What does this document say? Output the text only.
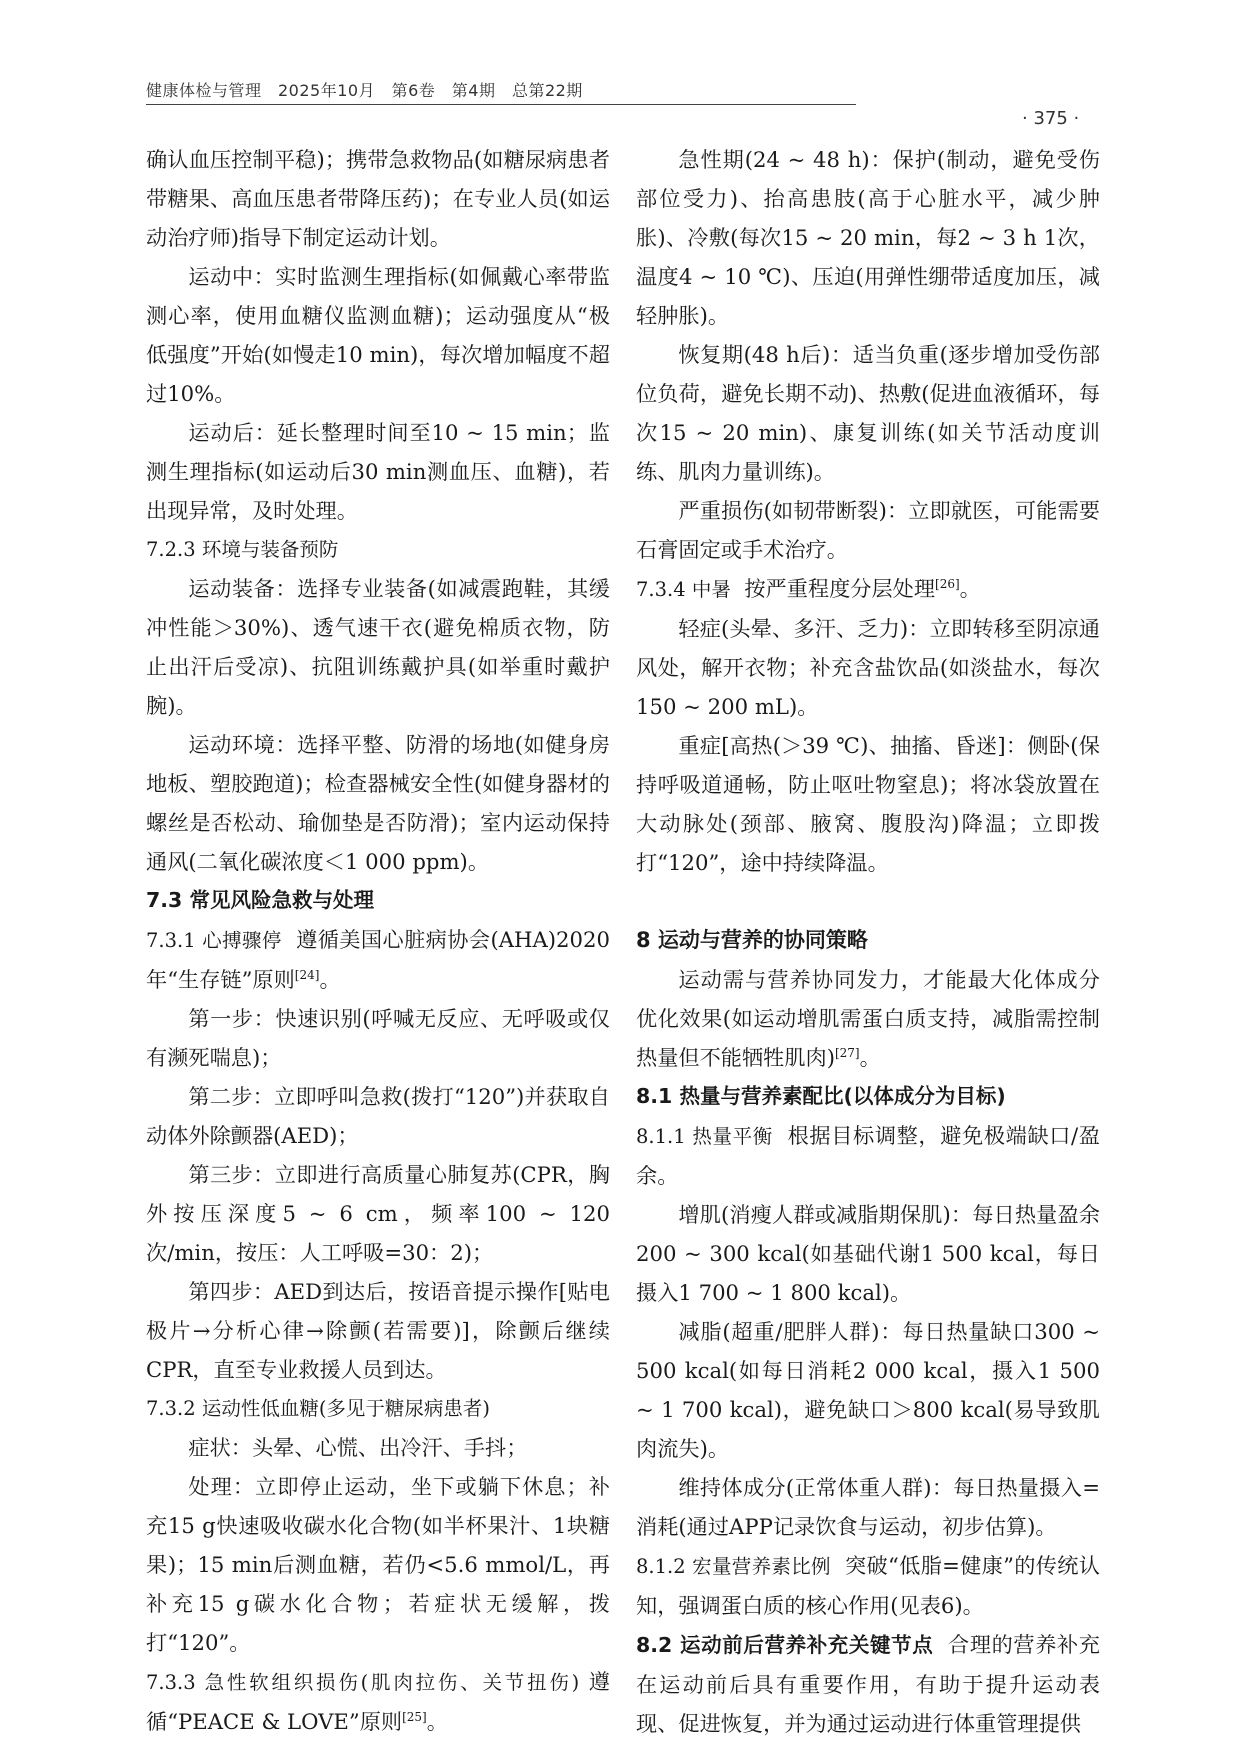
健康体检与管理　2025年10月　第6卷　第4期　总第22期
· 375 ·

确认血压控制平稳)；携带急救物品(如糖尿病患者带糖果、高血压患者带降压药)；在专业人员(如运动治疗师)指导下制定运动计划。

运动中：实时监测生理指标(如佩戴心率带监测心率，使用血糖仪监测血糖)；运动强度从“极低强度”开始(如慢走10 min)，每次增加幅度不超过10%。

运动后：延长整理时间至10 ~ 15 min；监测生理指标(如运动后30 min测血压、血糖)，若出现异常，及时处理。

7.2.3 环境与装备预防

运动装备：选择专业装备(如减震跑鞋，其缓冲性能＞30%)、透气速干衣(避免棉质衣物，防止出汗后受凉)、抗阻训练戴护具(如举重时戴护腕)。

运动环境：选择平整、防滑的场地(如健身房地板、塑胶跑道)；检查器械安全性(如健身器材的螺丝是否松动、瑜伽垫是否防滑)；室内运动保持通风(二氧化碳浓度＜1 000 ppm)。

7.3 常见风险急救与处理

7.3.1 心搏骤停 遵循美国心脏病协会(AHA)2020年“生存链”原则[24]。

第一步：快速识别(呼喊无反应、无呼吸或仅有濒死喘息)；

第二步：立即呼叫急救(拨打“120”)并获取自动体外除颤器(AED)；

第三步：立即进行高质量心肺复苏(CPR，胸外按压深度5 ~ 6 cm，频率100 ~ 120次/min，按压：人工呼吸=30：2)；

第四步：AED到达后，按语音提示操作[贴电极片→分析心律→除颤(若需要)]，除颤后继续CPR，直至专业救援人员到达。

7.3.2 运动性低血糖(多见于糖尿病患者)

症状：头晕、心慌、出冷汗、手抖；

处理：立即停止运动，坐下或躺下休息；补充15 g快速吸收碳水化合物(如半杯果汁、1块糖果)；15 min后测血糖，若仍<5.6 mmol/L，再补充15 g碳水化合物；若症状无缓解，拨打“120”。

7.3.3 急性软组织损伤(肌肉拉伤、关节扭伤) 遵循“PEACE & LOVE”原则[25]。

急性期(24 ~ 48 h)：保护(制动，避免受伤部位受力)、抬高患肢(高于心脏水平，减少肿胀)、冷敷(每次15 ~ 20 min，每2 ~ 3 h 1次，温度4 ~ 10 ℃)、压迫(用弹性绷带适度加压，减轻肿胀)。

恢复期(48 h后)：适当负重(逐步增加受伤部位负荷，避免长期不动)、热敷(促进血液循环，每次15 ~ 20 min)、康复训练(如关节活动度训练、肌肉力量训练)。

严重损伤(如韧带断裂)：立即就医，可能需要石膏固定或手术治疗。

7.3.4 中暑 按严重程度分层处理[26]。

轻症(头晕、多汗、乏力)：立即转移至阴凉通风处，解开衣物；补充含盐饮品(如淡盐水，每次150 ~ 200 mL)。

重症[高热(＞39 ℃)、抽搐、昏迷]：侧卧(保持呼吸道通畅，防止呕吐物窒息)；将冰袋放置在大动脉处(颈部、腋窝、腹股沟)降温；立即拨打“120”，途中持续降温。

8 运动与营养的协同策略

运动需与营养协同发力，才能最大化体成分优化效果(如运动增肌需蛋白质支持，减脂需控制热量但不能牺牲肌肉)[27]。

8.1 热量与营养素配比(以体成分为目标)

8.1.1 热量平衡 根据目标调整，避免极端缺口/盈余。

增肌(消瘦人群或减脂期保肌)：每日热量盈余200 ~ 300 kcal(如基础代谢1 500 kcal，每日摄入1 700 ~ 1 800 kcal)。

减脂(超重/肥胖人群)：每日热量缺口300 ~ 500 kcal(如每日消耗2 000 kcal，摄入1 500 ~ 1 700 kcal)，避免缺口＞800 kcal(易导致肌肉流失)。

维持体成分(正常体重人群)：每日热量摄入=消耗(通过APP记录饮食与运动，初步估算)。

8.1.2 宏量营养素比例 突破“低脂=健康”的传统认知，强调蛋白质的核心作用(见表6)。

8.2 运动前后营养补充关键节点 合理的营养补充在运动前后具有重要作用，有助于提升运动表现、促进恢复，并为通过运动进行体重管理提供
